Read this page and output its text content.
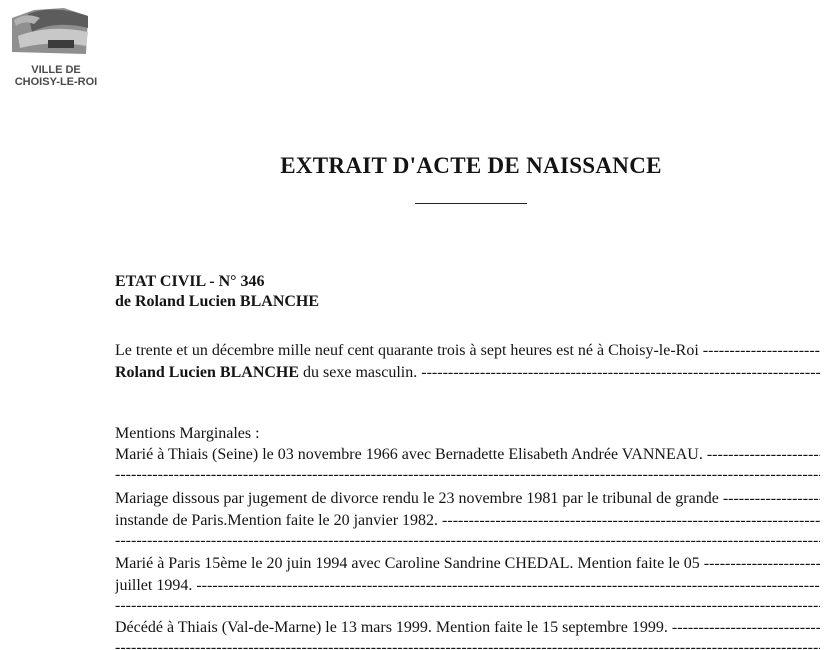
VILLE DE
CHOISY-LE-ROI
EXTRAIT D'ACTE DE NAISSANCE
ETAT CIVIL - N° 346
de Roland Lucien BLANCHE
Le trente et un décembre mille neuf cent quarante trois à sept heures est né à Choisy-le-Roi -----
Roland Lucien BLANCHE du sexe masculin. -----
Mentions Marginales :
Marié à Thiais (Seine) le 03 novembre 1966 avec Bernadette Elisabeth Andrée VANNEAU. -----
-----
Mariage dissous par jugement de divorce rendu le 23 novembre 1981 par le tribunal de grande -----
instande de Paris.Mention faite le 20 janvier 1982. -----
-----
Marié à Paris 15ème le 20 juin 1994 avec Caroline Sandrine CHEDAL. Mention faite le 05 -----
juillet 1994. -----
-----
Décédé à Thiais (Val-de-Marne) le 13 mars 1999. Mention faite le 15 septembre 1999. -----
-----
